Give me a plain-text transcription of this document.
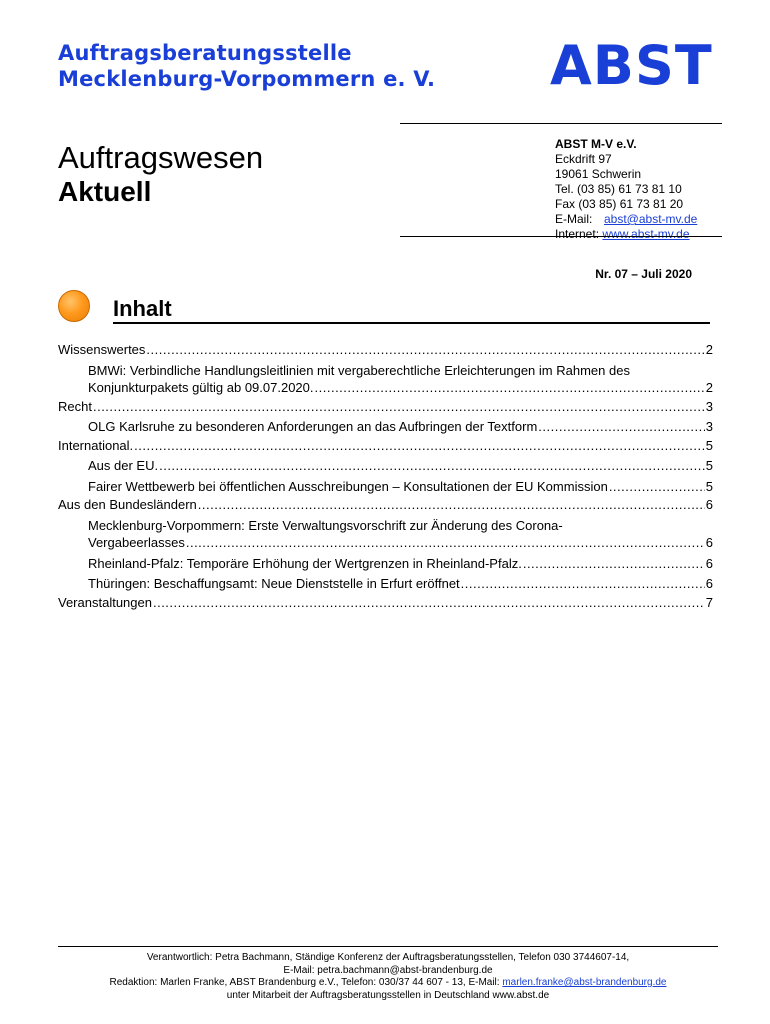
Auftragsberatungsstelle
Mecklenburg-Vorpommern e. V. ABST
Auftragswesen
Aktuell
ABST M-V e.V.
Eckdrift 97
19061 Schwerin
Tel. (03 85) 61 73 81 10
Fax (03 85) 61 73 81 20
E-Mail: abst@abst-mv.de
Internet: www.abst-mv.de
Nr. 07 – Juli 2020
Inhalt
Wissenswertes .....	2
BMWi: Verbindliche Handlungsleitlinien mit vergaberechtliche Erleichterungen im Rahmen des
Konjunkturpakets gültig ab 09.07.2020. .....	2
Recht .....	3
OLG Karlsruhe zu besonderen Anforderungen an das Aufbringen der Textform .....	3
International. .....	5
Aus der EU. .....	5
Fairer Wettbewerb bei öffentlichen Ausschreibungen – Konsultationen der EU Kommission .....	5
Aus den Bundesländern .....	6
Mecklenburg-Vorpommern: Erste Verwaltungsvorschrift zur Änderung des Corona-
Vergabeerlasses .....	6
Rheinland-Pfalz: Temporäre Erhöhung der Wertgrenzen in Rheinland-Pfalz. .....	6
Thüringen: Beschaffungsamt: Neue Dienststelle in Erfurt eröffnet .....	6
Veranstaltungen .....	7
Verantwortlich: Petra Bachmann, Ständige Konferenz der Auftragsberatungsstellen, Telefon 030 3744607-14,
E-Mail: petra.bachmann@abst-brandenburg.de
Redaktion: Marlen Franke, ABST Brandenburg e.V., Telefon: 030/37 44 607 - 13, E-Mail: marlen.franke@abst-brandenburg.de
unter Mitarbeit der Auftragsberatungsstellen in Deutschland www.abst.de
